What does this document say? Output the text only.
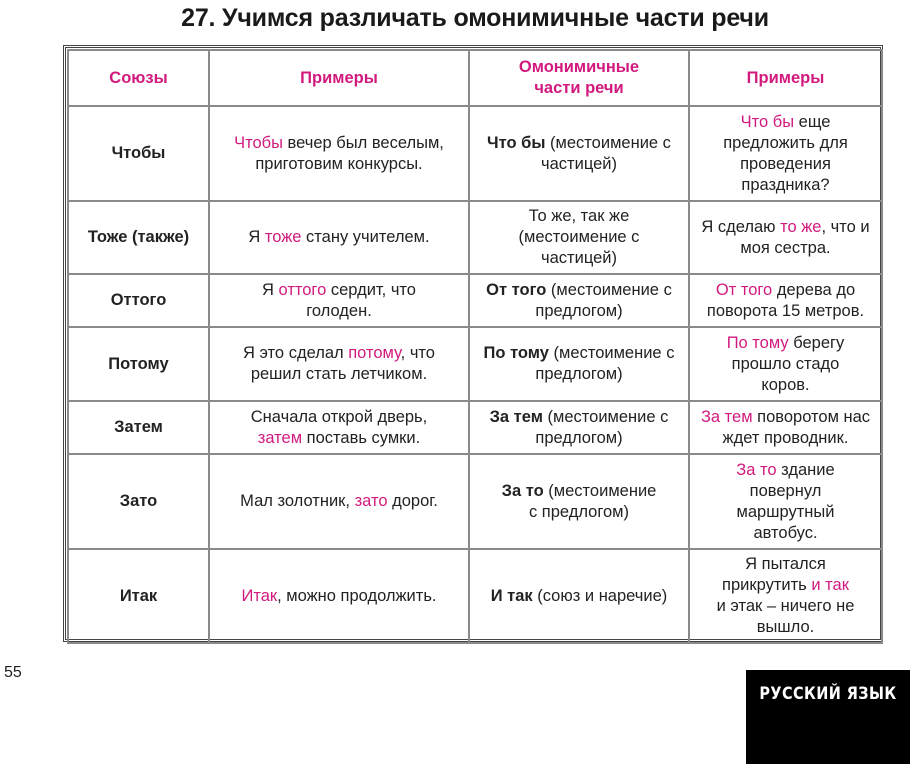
27. Учимся различать омонимичные части речи
Союзы	Примеры	Омонимичные части речи	Примеры
Чтобы	Чтобы вечер был веселым, приготовим конкурсы.	Что бы (местоимение с частицей)	Что бы еще предложить для проведения праздника?
Тоже (также)	Я тоже стану учителем.	То же, так же (местоимение с частицей)	Я сделаю то же, что и моя сестра.
Оттого	Я оттого сердит, что голоден.	От того (местоимение с предлогом)	От того дерева до поворота 15 метров.
Потому	Я это сделал потому, что решил стать летчиком.	По тому (местоимение с предлогом)	По тому берегу прошло стадо коров.
Затем	Сначала открой дверь, затем поставь сумки.	За тем (местоимение с предлогом)	За тем поворотом нас ждет проводник.
Зато	Мал золотник, зато дорог.	За то (местоимение с предлогом)	За то здание повернул маршрутный автобус.
Итак	Итак, можно продолжить.	И так (союз и наречие)	Я пытался прикрутить и так и этак – ничего не вышло.
55
РУССКИЙ ЯЗЫК
